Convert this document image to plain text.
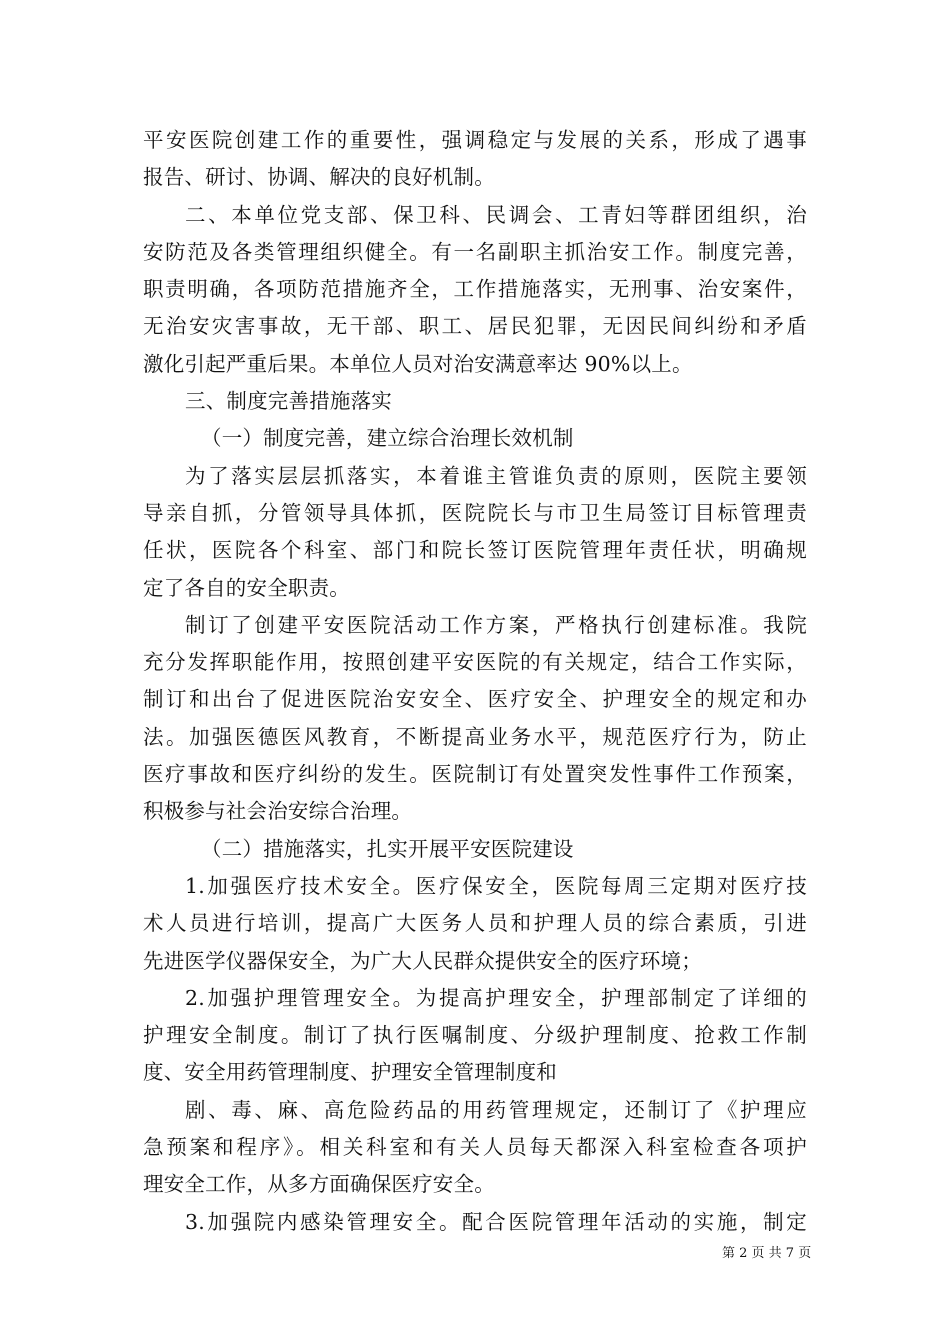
平安医院创建工作的重要性，强调稳定与发展的关系，形成了遇事
报告、研讨、协调、解决的良好机制。
二、本单位党支部、保卫科、民调会、工青妇等群团组织，治
安防范及各类管理组织健全。有一名副职主抓治安工作。制度完善，
职责明确，各项防范措施齐全，工作措施落实，无刑事、治安案件，
无治安灾害事故，无干部、职工、居民犯罪，无因民间纠纷和矛盾
激化引起严重后果。本单位人员对治安满意率达 90%以上。
三、制度完善措施落实
（一）制度完善，建立综合治理长效机制
为了落实层层抓落实，本着谁主管谁负责的原则，医院主要领
导亲自抓，分管领导具体抓，医院院长与市卫生局签订目标管理责
任状，医院各个科室、部门和院长签订医院管理年责任状，明确规
定了各自的安全职责。
制订了创建平安医院活动工作方案，严格执行创建标准。我院
充分发挥职能作用，按照创建平安医院的有关规定，结合工作实际，
制订和出台了促进医院治安安全、医疗安全、护理安全的规定和办
法。加强医德医风教育，不断提高业务水平，规范医疗行为，防止
医疗事故和医疗纠纷的发生。医院制订有处置突发性事件工作预案，
积极参与社会治安综合治理。
（二）措施落实，扎实开展平安医院建设
1.加强医疗技术安全。医疗保安全，医院每周三定期对医疗技
术人员进行培训，提高广大医务人员和护理人员的综合素质，引进
先进医学仪器保安全，为广大人民群众提供安全的医疗环境；
2.加强护理管理安全。为提高护理安全，护理部制定了详细的
护理安全制度。制订了执行医嘱制度、分级护理制度、抢救工作制
度、安全用药管理制度、护理安全管理制度和
剧、毒、麻、高危险药品的用药管理规定，还制订了《护理应
急预案和程序》。相关科室和有关人员每天都深入科室检查各项护
理安全工作，从多方面确保医疗安全。
3.加强院内感染管理安全。配合医院管理年活动的实施，制定
第 2 页 共 7 页
